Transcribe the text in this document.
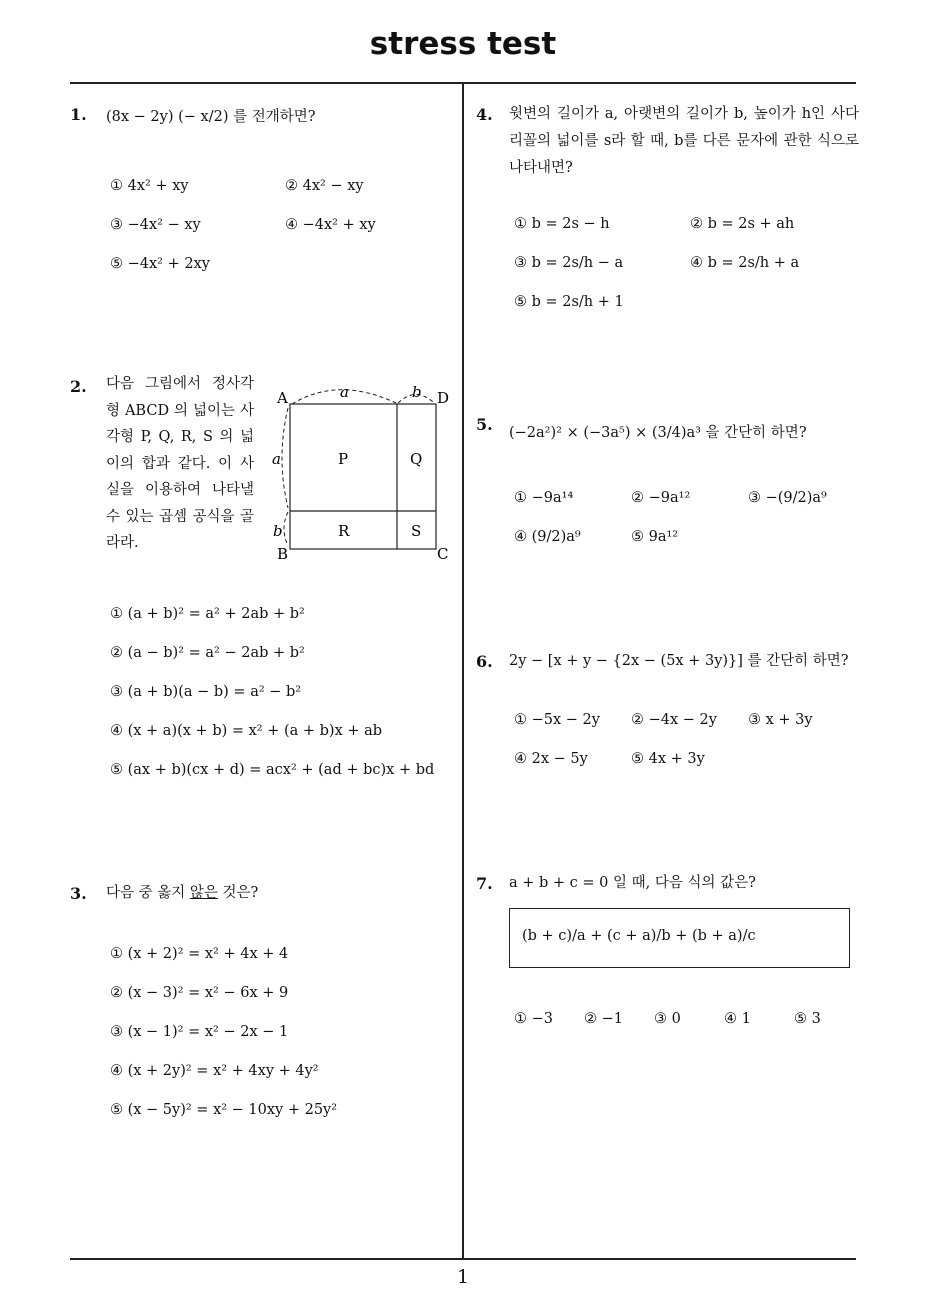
stress test
1
1. (8x − 2y) (− x/2) 를 전개하면?
① 4x² + xy	② 4x² − xy
③ −4x² − xy	④ −4x² + xy
⑤ −4x² + 2xy
2. 다음 그림에서 정사각형 ABCD 의 넓이는 사각형 P, Q, R, S 의 넓이의 합과 같다. 이 사실을 이용하여 나타낼 수 있는 곱셈 공식을 골라라.
A
B	C
D
a	b
a
b
P	Q
R	S
① (a + b)² = a² + 2ab + b²
② (a − b)² = a² − 2ab + b²
③ (a + b)(a − b) = a² − b²
④ (x + a)(x + b) = x² + (a + b)x + ab
⑤ (ax + b)(cx + d) = acx² + (ad + bc)x + bd
3. 다음 중 옳지 않은 것은?
① (x + 2)² = x² + 4x + 4
② (x − 3)² = x² − 6x + 9
③ (x − 1)² = x² − 2x − 1
④ (x + 2y)² = x² + 4xy + 4y²
⑤ (x − 5y)² = x² − 10xy + 25y²
4. 윗변의 길이가 a, 아랫변의 길이가 b, 높이가 h인 사다리꼴의 넓이를 s라 할 때, b를 다른 문자에 관한 식으로 나타내면?
① b = 2s − h	② b = 2s + ah
③ b = 2s/h − a	④ b = 2s/h + a
⑤ b = 2s/h + 1
5. (−2a²)² × (−3a⁵) × (3/4)a³ 을 간단히 하면?
① −9a¹⁴	② −9a¹²	③ −(9/2)a⁹
④ (9/2)a⁹	⑤ 9a¹²
6. 2y − [x + y − {2x − (5x + 3y)}] 를 간단히 하면?
① −5x − 2y ② −4x − 2y ③ x + 3y
④ 2x − 5y	⑤ 4x + 3y
7. a + b + c = 0 일 때, 다음 식의 값은?
(b + c)/a + (c + a)/b + (b + a)/c
① −3 ② −1 ③ 0	④ 1	⑤ 3
